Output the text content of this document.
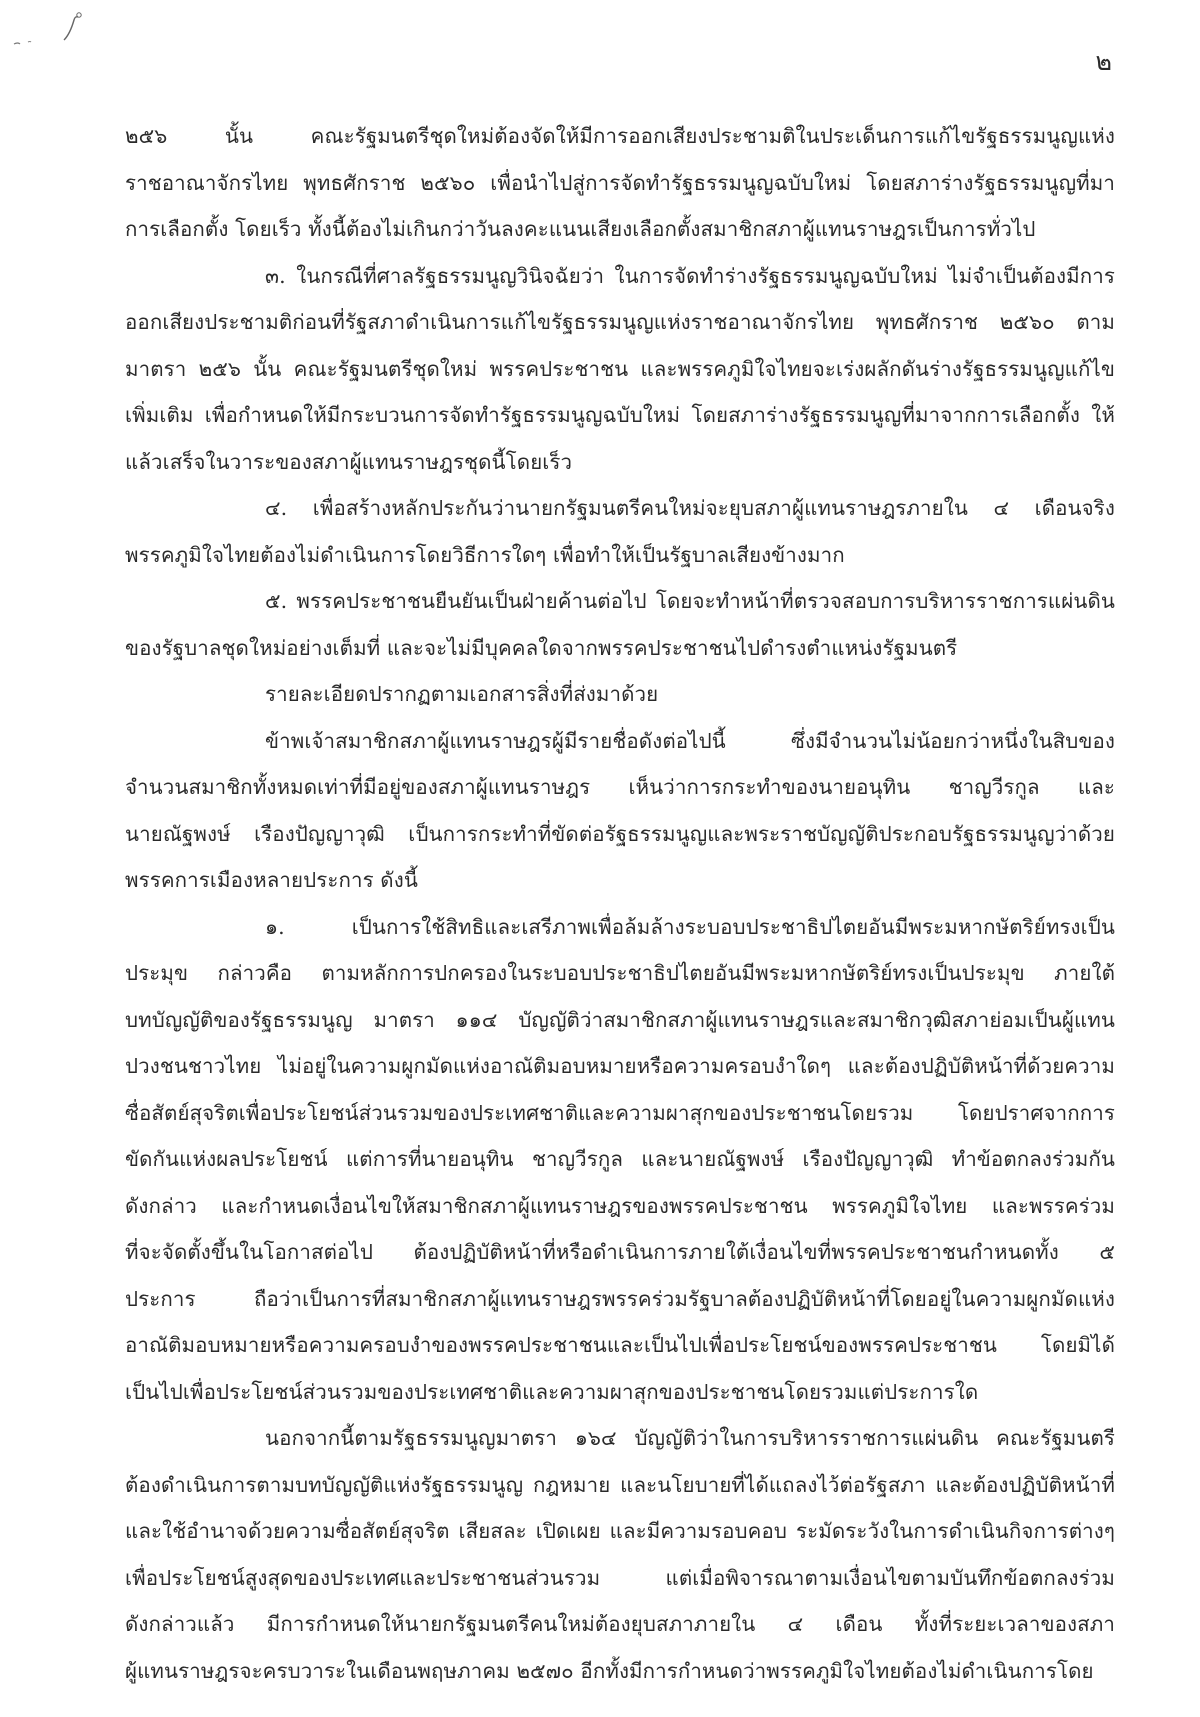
๒
๒๕๖ นั้น คณะรัฐมนตรีชุดใหม่ต้องจัดให้มีการออกเสียงประชามติในประเด็นการแก้ไขรัฐธรรมนูญแห่ง
ราชอาณาจักรไทย พุทธศักราช ๒๕๖๐ เพื่อนำไปสู่การจัดทำรัฐธรรมนูญฉบับใหม่ โดยสภาร่างรัฐธรรมนูญที่มา
การเลือกตั้ง โดยเร็ว ทั้งนี้ต้องไม่เกินกว่าวันลงคะแนนเสียงเลือกตั้งสมาชิกสภาผู้แทนราษฎรเป็นการทั่วไป
๓. ในกรณีที่ศาลรัฐธรรมนูญวินิจฉัยว่า ในการจัดทำร่างรัฐธรรมนูญฉบับใหม่ ไม่จำเป็นต้องมีการ
ออกเสียงประชามติก่อนที่รัฐสภาดำเนินการแก้ไขรัฐธรรมนูญแห่งราชอาณาจักรไทย พุทธศักราช ๒๕๖๐ ตาม
มาตรา ๒๕๖ นั้น คณะรัฐมนตรีชุดใหม่ พรรคประชาชน และพรรคภูมิใจไทยจะเร่งผลักดันร่างรัฐธรรมนูญแก้ไข
เพิ่มเติม เพื่อกำหนดให้มีกระบวนการจัดทำรัฐธรรมนูญฉบับใหม่ โดยสภาร่างรัฐธรรมนูญที่มาจากการเลือกตั้ง ให้
แล้วเสร็จในวาระของสภาผู้แทนราษฎรชุดนี้โดยเร็ว
๔. เพื่อสร้างหลักประกันว่านายกรัฐมนตรีคนใหม่จะยุบสภาผู้แทนราษฎรภายใน ๔ เดือนจริง
พรรคภูมิใจไทยต้องไม่ดำเนินการโดยวิธีการใดๆ เพื่อทำให้เป็นรัฐบาลเสียงข้างมาก
๕. พรรคประชาชนยืนยันเป็นฝ่ายค้านต่อไป โดยจะทำหน้าที่ตรวจสอบการบริหารราชการแผ่นดิน
ของรัฐบาลชุดใหม่อย่างเต็มที่ และจะไม่มีบุคคลใดจากพรรคประชาชนไปดำรงตำแหน่งรัฐมนตรี
รายละเอียดปรากฏตามเอกสารสิ่งที่ส่งมาด้วย
ข้าพเจ้าสมาชิกสภาผู้แทนราษฎรผู้มีรายชื่อดังต่อไปนี้ ซึ่งมีจำนวนไม่น้อยกว่าหนึ่งในสิบของ
จำนวนสมาชิกทั้งหมดเท่าที่มีอยู่ของสภาผู้แทนราษฎร เห็นว่าการกระทำของนายอนุทิน ชาญวีรกูล และ
นายณัฐพงษ์ เรืองปัญญาวุฒิ เป็นการกระทำที่ขัดต่อรัฐธรรมนูญและพระราชบัญญัติประกอบรัฐธรรมนูญว่าด้วย
พรรคการเมืองหลายประการ ดังนี้
๑. เป็นการใช้สิทธิและเสรีภาพเพื่อล้มล้างระบอบประชาธิปไตยอันมีพระมหากษัตริย์ทรงเป็น
ประมุข กล่าวคือ ตามหลักการปกครองในระบอบประชาธิปไตยอันมีพระมหากษัตริย์ทรงเป็นประมุข ภายใต้
บทบัญญัติของรัฐธรรมนูญ มาตรา ๑๑๔ บัญญัติว่าสมาชิกสภาผู้แทนราษฎรและสมาชิกวุฒิสภาย่อมเป็นผู้แทน
ปวงชนชาวไทย ไม่อยู่ในความผูกมัดแห่งอาณัติมอบหมายหรือความครอบงำใดๆ และต้องปฏิบัติหน้าที่ด้วยความ
ซื่อสัตย์สุจริตเพื่อประโยชน์ส่วนรวมของประเทศชาติและความผาสุกของประชาชนโดยรวม โดยปราศจากการ
ขัดกันแห่งผลประโยชน์ แต่การที่นายอนุทิน ชาญวีรกูล และนายณัฐพงษ์ เรืองปัญญาวุฒิ ทำข้อตกลงร่วมกัน
ดังกล่าว และกำหนดเงื่อนไขให้สมาชิกสภาผู้แทนราษฎรของพรรคประชาชน พรรคภูมิใจไทย และพรรคร่วม
ที่จะจัดตั้งขึ้นในโอกาสต่อไป ต้องปฏิบัติหน้าที่หรือดำเนินการภายใต้เงื่อนไขที่พรรคประชาชนกำหนดทั้ง ๕
ประการ ถือว่าเป็นการที่สมาชิกสภาผู้แทนราษฎรพรรคร่วมรัฐบาลต้องปฏิบัติหน้าที่โดยอยู่ในความผูกมัดแห่ง
อาณัติมอบหมายหรือความครอบงำของพรรคประชาชนและเป็นไปเพื่อประโยชน์ของพรรคประชาชน โดยมิได้
เป็นไปเพื่อประโยชน์ส่วนรวมของประเทศชาติและความผาสุกของประชาชนโดยรวมแต่ประการใด
นอกจากนี้ตามรัฐธรรมนูญมาตรา ๑๖๔ บัญญัติว่าในการบริหารราชการแผ่นดิน คณะรัฐมนตรี
ต้องดำเนินการตามบทบัญญัติแห่งรัฐธรรมนูญ กฎหมาย และนโยบายที่ได้แถลงไว้ต่อรัฐสภา และต้องปฏิบัติหน้าที่
และใช้อำนาจด้วยความซื่อสัตย์สุจริต เสียสละ เปิดเผย และมีความรอบคอบ ระมัดระวังในการดำเนินกิจการต่างๆ
เพื่อประโยชน์สูงสุดของประเทศและประชาชนส่วนรวม แต่เมื่อพิจารณาตามเงื่อนไขตามบันทึกข้อตกลงร่วม
ดังกล่าวแล้ว มีการกำหนดให้นายกรัฐมนตรีคนใหม่ต้องยุบสภาภายใน ๔ เดือน ทั้งที่ระยะเวลาของสภา
ผู้แทนราษฎรจะครบวาระในเดือนพฤษภาคม ๒๕๗๐ อีกทั้งมีการกำหนดว่าพรรคภูมิใจไทยต้องไม่ดำเนินการโดย
